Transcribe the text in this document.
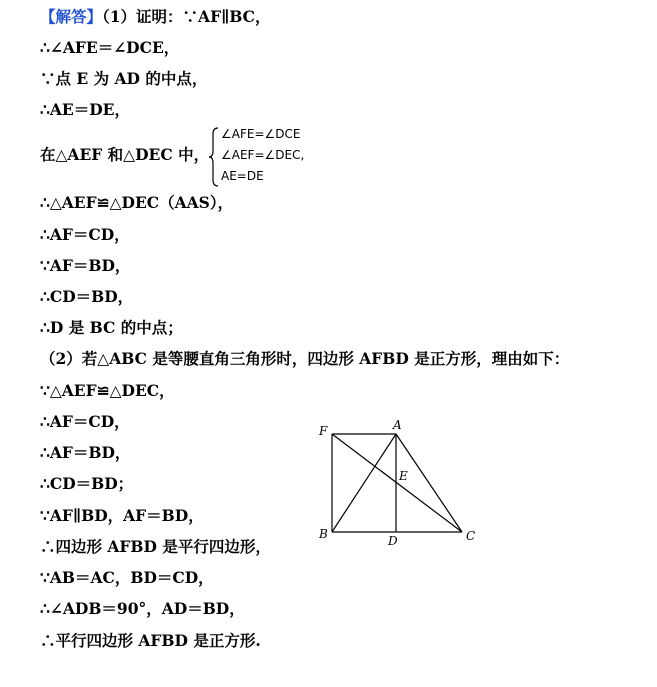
【解答】（1）证明：∵AF∥BC，
∴∠AFE＝∠DCE，
∵点 E 为 AD 的中点，
∴AE＝DE，
在△AEF 和△DEC 中，
∠AFE=∠DCE
∠AEF=∠DEC,
AE=DE
∴△AEF≌△DEC（AAS），
∴AF＝CD，
∵AF＝BD，
∴CD＝BD，
∴D 是 BC 的中点；
（2）若△ABC 是等腰直角三角形时，四边形 AFBD 是正方形，理由如下：
∵△AEF≌△DEC，
∴AF＝CD，
∴AF＝BD，
∴CD＝BD；
∵AF∥BD，AF＝BD，
∴四边形 AFBD 是平行四边形，
∵AB＝AC，BD＝CD，
∴∠ADB＝90°，AD＝BD，
∴平行四边形 AFBD 是正方形.
F	A
E
B	D	C
